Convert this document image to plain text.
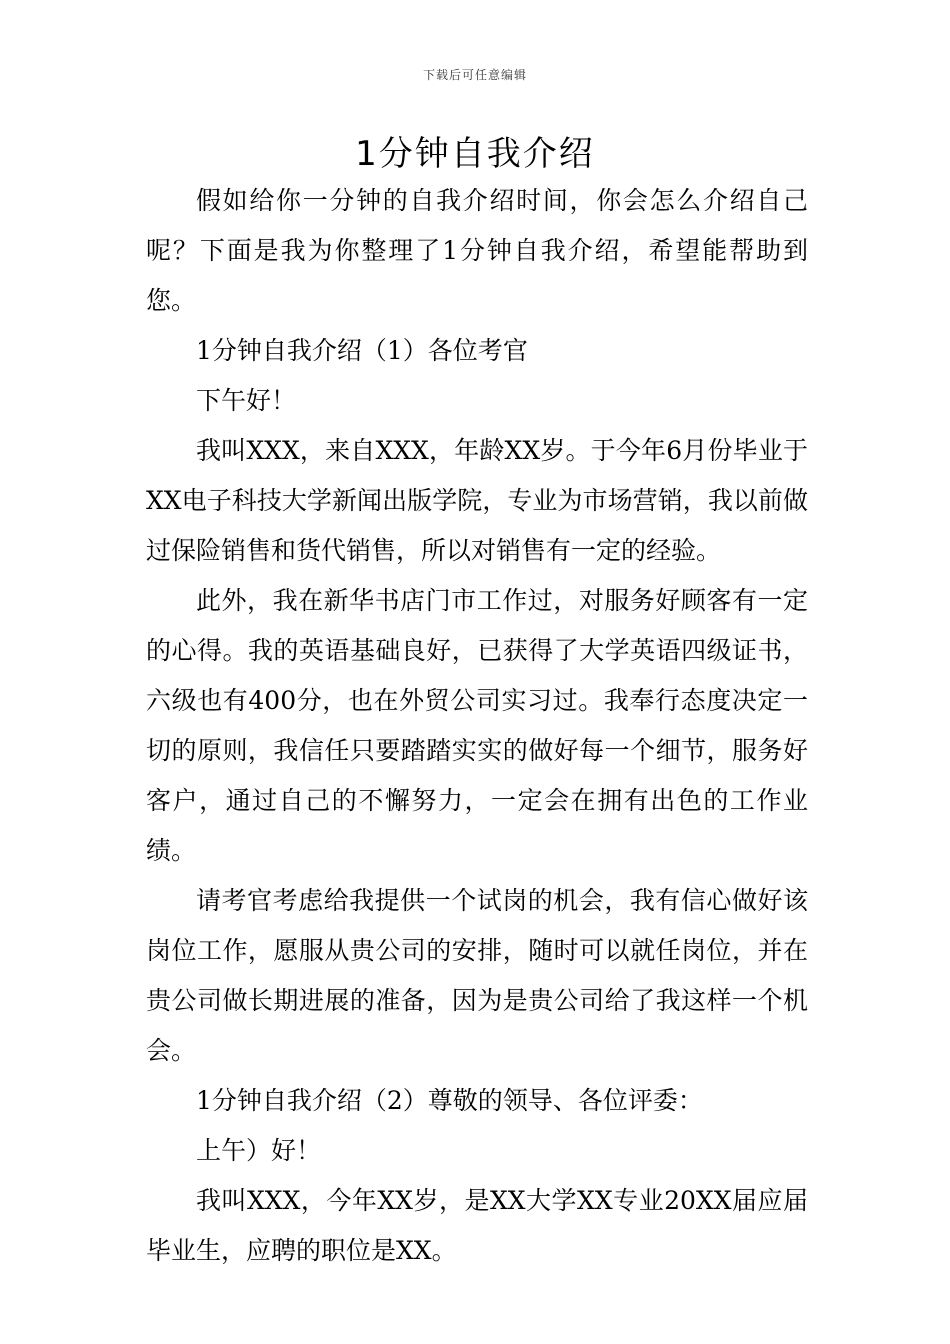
下载后可任意编辑
1分钟自我介绍

假如给你一分钟的自我介绍时间，你会怎么介绍自己呢？下面是我为你整理了1分钟自我介绍，希望能帮助到您。

1分钟自我介绍（1）各位考官

下午好！

我叫XXX，来自XXX，年龄XX岁。于今年6月份毕业于XX电子科技大学新闻出版学院，专业为市场营销，我以前做过保险销售和货代销售，所以对销售有一定的经验。

此外，我在新华书店门市工作过，对服务好顾客有一定的心得。我的英语基础良好，已获得了大学英语四级证书，六级也有400分，也在外贸公司实习过。我奉行态度决定一切的原则，我信任只要踏踏实实的做好每一个细节，服务好客户，通过自己的不懈努力，一定会在拥有出色的工作业绩。

请考官考虑给我提供一个试岗的机会，我有信心做好该岗位工作，愿服从贵公司的安排，随时可以就任岗位，并在贵公司做长期进展的准备，因为是贵公司给了我这样一个机会。

1分钟自我介绍（2）尊敬的领导、各位评委：

上午）好！

我叫XXX，今年XX岁，是XX大学XX专业20XX届应届毕业生，应聘的职位是XX。
